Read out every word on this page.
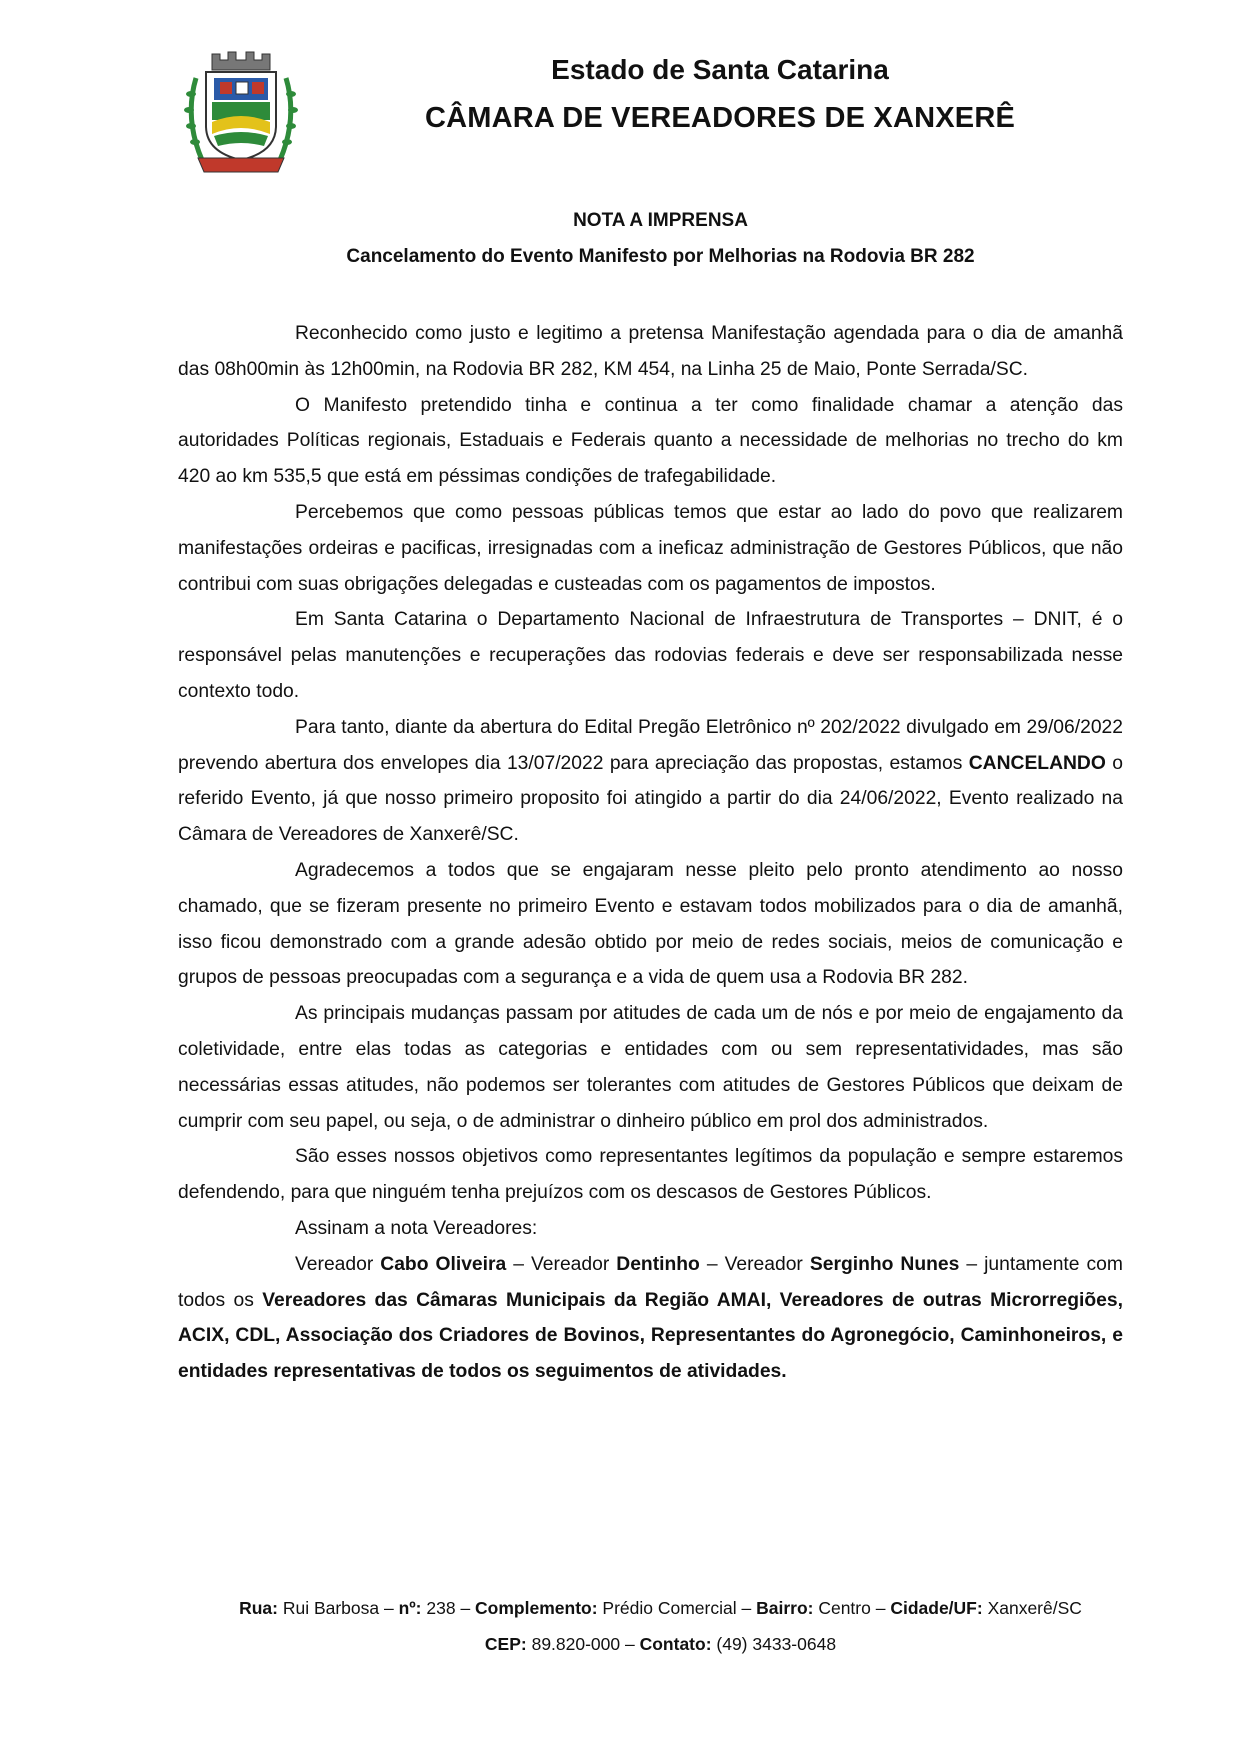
Estado de Santa Catarina
CÂMARA DE VEREADORES DE XANXERÊ
NOTA A IMPRENSA
Cancelamento do Evento Manifesto por Melhorias na Rodovia BR 282

Reconhecido como justo e legitimo a pretensa Manifestação agendada para o dia de amanhã das 08h00min às 12h00min, na Rodovia BR 282, KM 454, na Linha 25 de Maio, Ponte Serrada/SC.

O Manifesto pretendido tinha e continua a ter como finalidade chamar a atenção das autoridades Políticas regionais, Estaduais e Federais quanto a necessidade de melhorias no trecho do km 420 ao km 535,5 que está em péssimas condições de trafegabilidade.

Percebemos que como pessoas públicas temos que estar ao lado do povo que realizarem manifestações ordeiras e pacificas, irresignadas com a ineficaz administração de Gestores Públicos, que não contribui com suas obrigações delegadas e custeadas com os pagamentos de impostos.

Em Santa Catarina o Departamento Nacional de Infraestrutura de Transportes – DNIT, é o responsável pelas manutenções e recuperações das rodovias federais e deve ser responsabilizada nesse contexto todo.

Para tanto, diante da abertura do Edital Pregão Eletrônico nº 202/2022 divulgado em 29/06/2022 prevendo abertura dos envelopes dia 13/07/2022 para apreciação das propostas, estamos CANCELANDO o referido Evento, já que nosso primeiro proposito foi atingido a partir do dia 24/06/2022, Evento realizado na Câmara de Vereadores de Xanxerê/SC.

Agradecemos a todos que se engajaram nesse pleito pelo pronto atendimento ao nosso chamado, que se fizeram presente no primeiro Evento e estavam todos mobilizados para o dia de amanhã, isso ficou demonstrado com a grande adesão obtido por meio de redes sociais, meios de comunicação e grupos de pessoas preocupadas com a segurança e a vida de quem usa a Rodovia BR 282.

As principais mudanças passam por atitudes de cada um de nós e por meio de engajamento da coletividade, entre elas todas as categorias e entidades com ou sem representatividades, mas são necessárias essas atitudes, não podemos ser tolerantes com atitudes de Gestores Públicos que deixam de cumprir com seu papel, ou seja, o de administrar o dinheiro público em prol dos administrados.

São esses nossos objetivos como representantes legítimos da população e sempre estaremos defendendo, para que ninguém tenha prejuízos com os descasos de Gestores Públicos.

Assinam a nota Vereadores:

Vereador Cabo Oliveira – Vereador Dentinho – Vereador Serginho Nunes – juntamente com todos os Vereadores das Câmaras Municipais da Região AMAI, Vereadores de outras Microrregiões, ACIX, CDL, Associação dos Criadores de Bovinos, Representantes do Agronegócio, Caminhoneiros, e entidades representativas de todos os seguimentos de atividades.

Rua: Rui Barbosa – nº: 238 – Complemento: Prédio Comercial – Bairro: Centro – Cidade/UF: Xanxerê/SC

CEP: 89.820-000 – Contato: (49) 3433-0648
